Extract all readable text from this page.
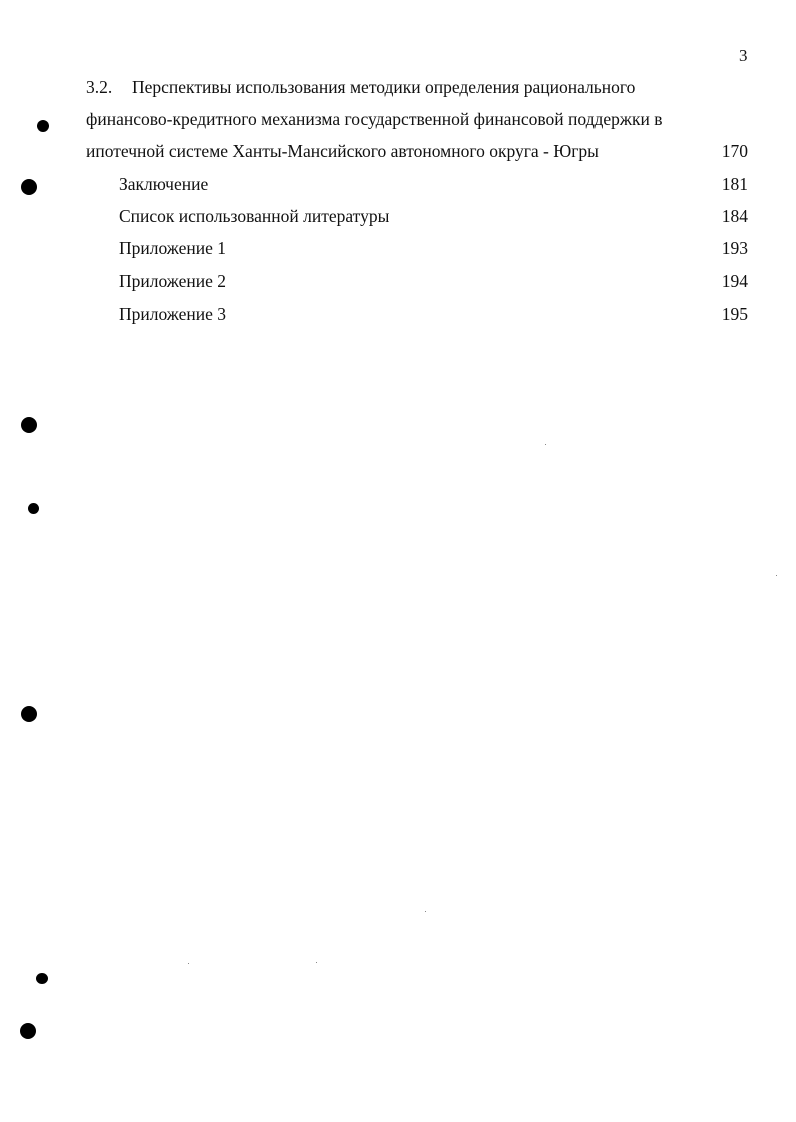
3
3.2. Перспективы использования методики определения рационального
финансово-кредитного механизма государственной финансовой поддержки в
ипотечной системе Ханты-Мансийского автономного округа - Югры	170
Заключение	181
Список использованной литературы	184
Приложение 1	193
Приложение 2	194
Приложение 3	195
